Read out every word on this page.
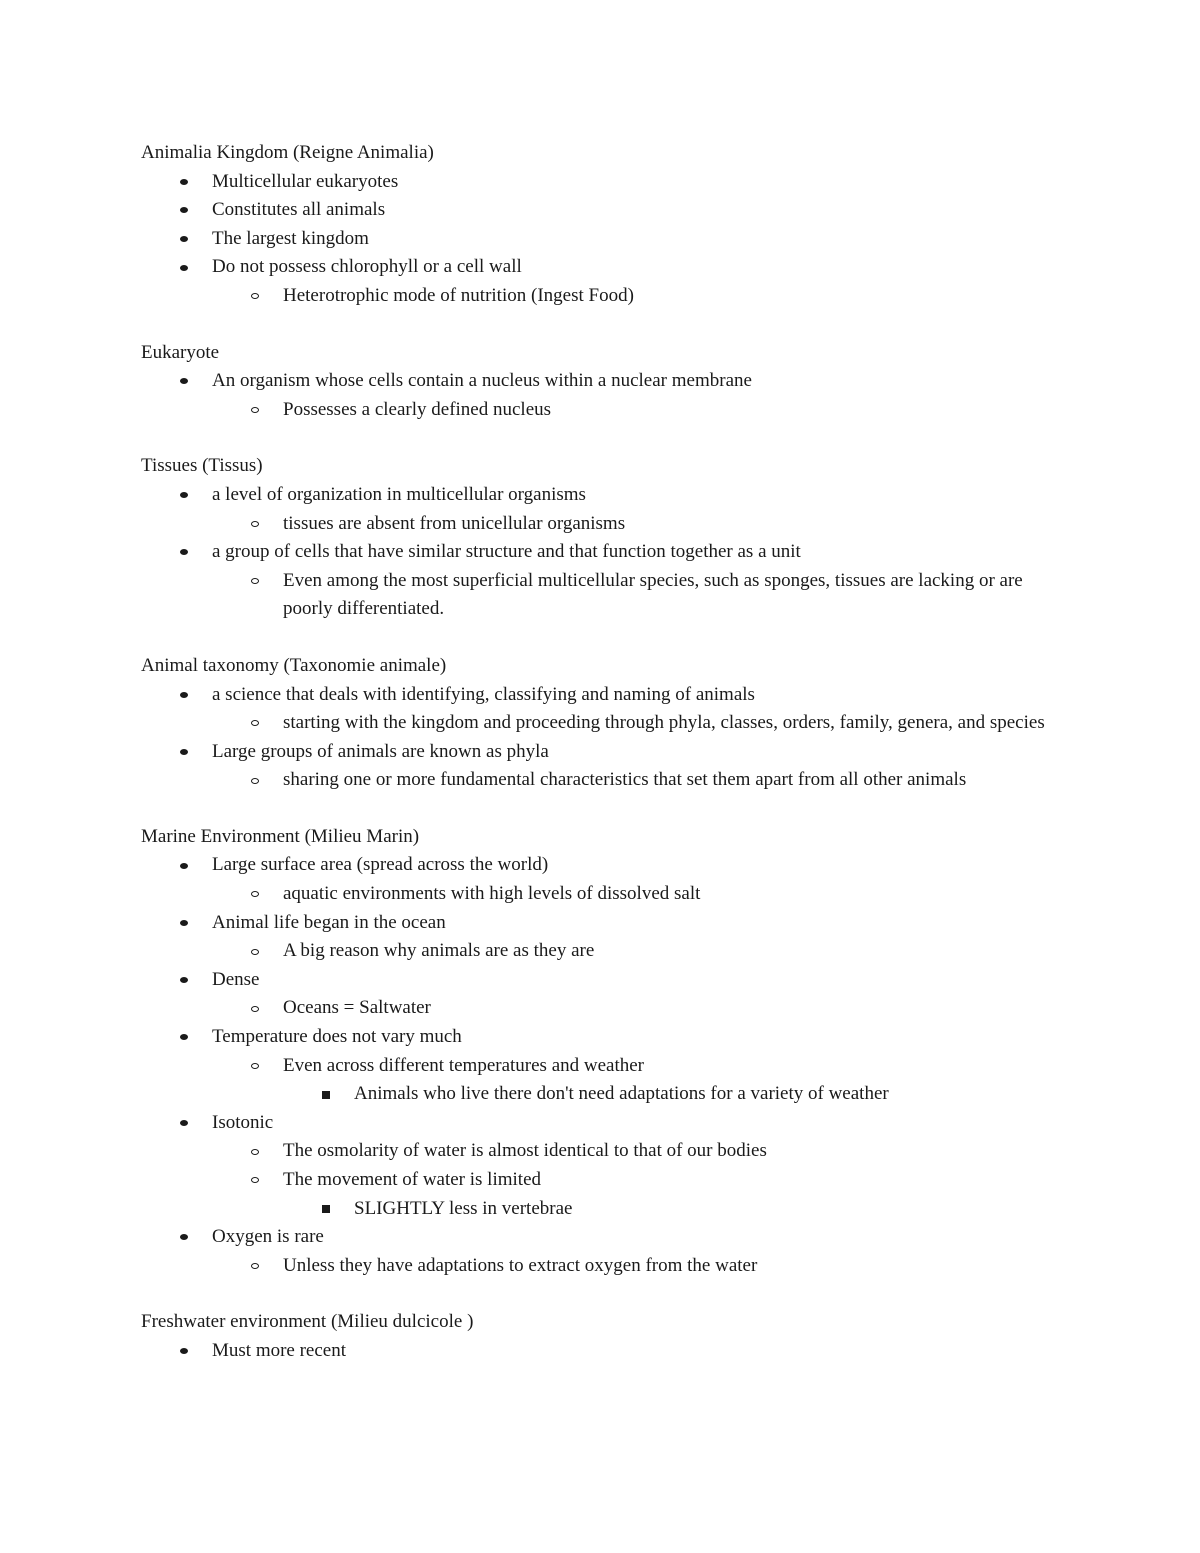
Animalia Kingdom (Reigne Animalia)
Multicellular eukaryotes
Constitutes all animals
The largest kingdom
Do not possess chlorophyll or a cell wall
Heterotrophic mode of nutrition (Ingest Food)
Eukaryote
An organism whose cells contain a nucleus within a nuclear membrane
Possesses a clearly defined nucleus
Tissues (Tissus)
a level of organization in multicellular organisms
tissues are absent from unicellular organisms
a group of cells that have similar structure and that function together as a unit
Even among the most superficial multicellular species, such as sponges, tissues are lacking or are poorly differentiated.
Animal taxonomy (Taxonomie animale)
a science that deals with identifying, classifying and naming of animals
starting with the kingdom and proceeding through phyla, classes, orders, family, genera, and species
Large groups of animals are known as phyla
sharing one or more fundamental characteristics that set them apart from all other animals
Marine Environment (Milieu Marin)
Large surface area (spread across the world)
aquatic environments with high levels of dissolved salt
Animal life began in the ocean
A big reason why animals are as they are
Dense
Oceans = Saltwater
Temperature does not vary much
Even across different temperatures and weather
Animals who live there don't need adaptations for a variety of weather
Isotonic
The osmolarity of water is almost identical to that of our bodies
The movement of water is limited
SLIGHTLY less in vertebrae
Oxygen is rare
Unless they have adaptations to extract oxygen from the water
Freshwater environment (Milieu dulcicole )
Must more recent
